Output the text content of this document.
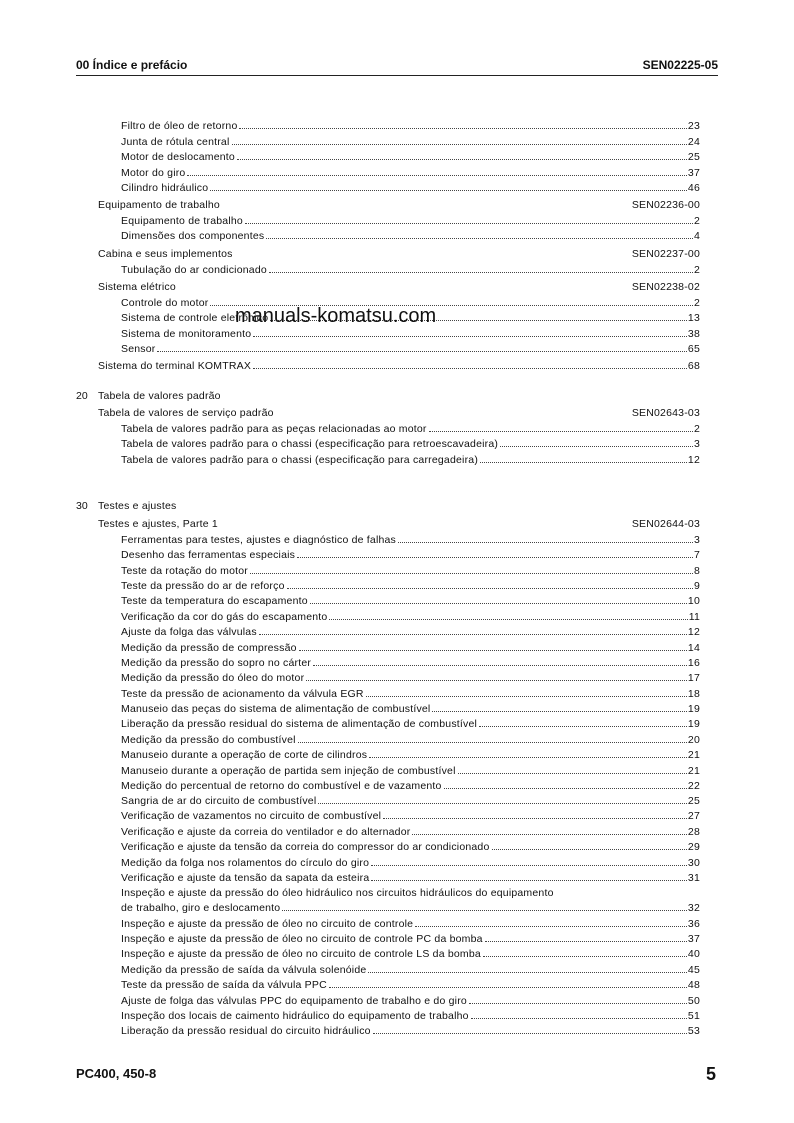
00 Índice e prefácio	SEN02225-05
Filtro de óleo de retorno	23
Junta de rótula central	24
Motor de deslocamento	25
Motor do giro	37
Cilindro hidráulico	46
Equipamento de trabalho	SEN02236-00
Equipamento de trabalho	2
Dimensões dos componentes	4
Cabina e seus implementos	SEN02237-00
Tubulação do ar condicionado	2
Sistema elétrico	SEN02238-02
Controle do motor	2
Sistema de controle eletrônico	13
Sistema de monitoramento	38
Sensor	65
Sistema do terminal KOMTRAX	68
20 Tabela de valores padrão
Tabela de valores de serviço padrão	SEN02643-03
Tabela de valores padrão para as peças relacionadas ao motor	2
Tabela de valores padrão para o chassi (especificação para retroescavadeira)	3
Tabela de valores padrão para o chassi (especificação para carregadeira)	12
30 Testes e ajustes
Testes e ajustes, Parte 1	SEN02644-03
Ferramentas para testes, ajustes e diagnóstico de falhas	3
Desenho das ferramentas especiais	7
Teste da rotação do motor	8
Teste da pressão do ar de reforço	9
Teste da temperatura do escapamento	10
Verificação da cor do gás do escapamento	11
Ajuste da folga das válvulas	12
Medição da pressão de compressão	14
Medição da pressão do sopro no cárter	16
Medição da pressão do óleo do motor	17
Teste da pressão de acionamento da válvula EGR	18
Manuseio das peças do sistema de alimentação de combustível	19
Liberação da pressão residual do sistema de alimentação de combustível	19
Medição da pressão do combustível	20
Manuseio durante a operação de corte de cilindros	21
Manuseio durante a operação de partida sem injeção de combustível	21
Medição do percentual de retorno do combustível e de vazamento	22
Sangria de ar do circuito de combustível	25
Verificação de vazamentos no circuito de combustível	27
Verificação e ajuste da correia do ventilador e do alternador	28
Verificação e ajuste da tensão da correia do compressor do ar condicionado	29
Medição da folga nos rolamentos do círculo do giro	30
Verificação e ajuste da tensão da sapata da esteira	31
Inspeção e ajuste da pressão do óleo hidráulico nos circuitos hidráulicos do equipamento
de trabalho, giro e deslocamento	32
Inspeção e ajuste da pressão de óleo no circuito de controle	36
Inspeção e ajuste da pressão de óleo no circuito de controle PC da bomba	37
Inspeção e ajuste da pressão de óleo no circuito de controle LS da bomba	40
Medição da pressão de saída da válvula solenóide	45
Teste da pressão de saída da válvula PPC	48
Ajuste de folga das válvulas PPC do equipamento de trabalho e do giro	50
Inspeção dos locais de caimento hidráulico do equipamento de trabalho	51
Liberação da pressão residual do circuito hidráulico	53
manuals-komatsu.com
PC400, 450-8	5
